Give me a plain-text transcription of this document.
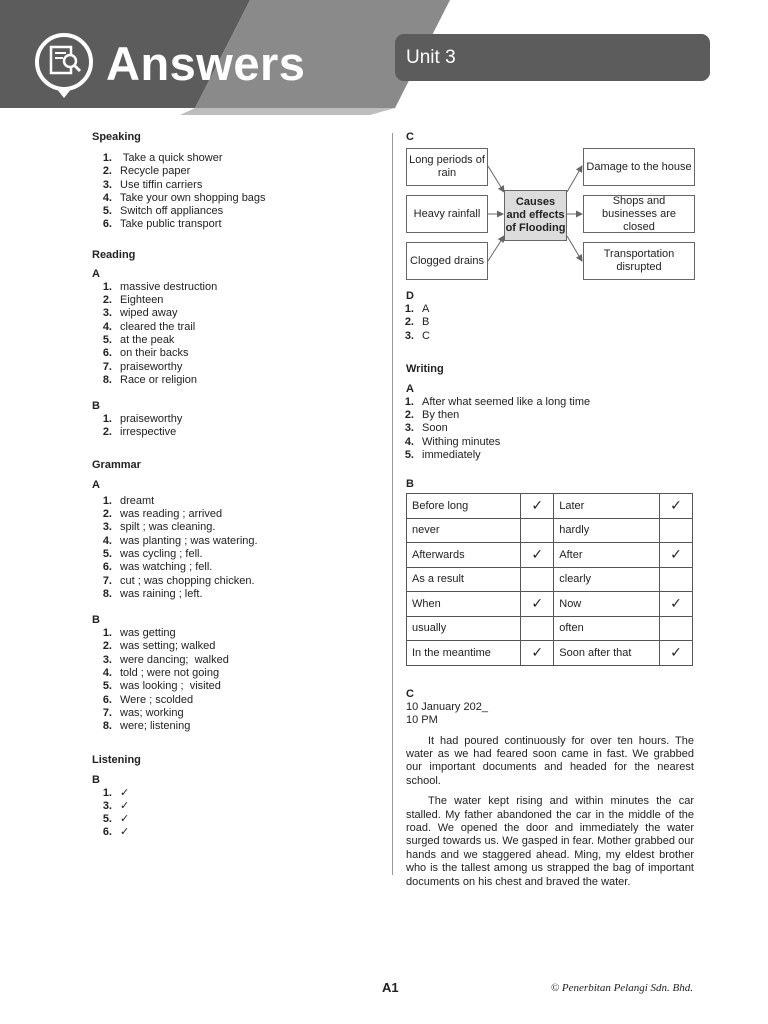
Answers	Unit 3
Speaking
1. Take a quick shower
2. Recycle paper
3. Use tiffin carriers
4. Take your own shopping bags
5. Switch off appliances
6. Take public transport
Reading
A
1. massive destruction
2. Eighteen
3. wiped away
4. cleared the trail
5. at the peak
6. on their backs
7. praiseworthy
8. Race or religion
B
1. praiseworthy
2. irrespective
Grammar
A
1. dreamt
2. was reading ; arrived
3. spilt ; was cleaning.
4. was planting ; was watering.
5. was cycling ; fell.
6. was watching ; fell.
7. cut ; was chopping chicken.
8. was raining ; left.
B
1. was getting
2. was setting; walked
3. were dancing;  walked
4. told ; were not going
5. was looking ;  visited
6. Were ; scolded
7. was; working
8. were; listening
Listening
B
1. ✓
3. ✓
5. ✓
6. ✓
C
Long periods of rain
Heavy rainfall
Clogged drains
Causes and effects of Flooding
Damage to the house
Shops and businesses are closed
Transportation disrupted
D
1. A
2. B
3. C
Writing
A
1. After what seemed like a long time
2. By then
3. Soon
4. Withing minutes
5. immediately
B
Before long	✓	Later	✓
never		hardly	
Afterwards	✓	After	✓
As a result		clearly	
When	✓	Now	✓
usually		often	
In the meantime	✓	Soon after that	✓
C
10 January 202_
10 PM

It had poured continuously for over ten hours. The water as we had feared soon came in fast. We grabbed our important documents and headed for the nearest school.

The water kept rising and within minutes the car stalled. My father abandoned the car in the middle of the road. We opened the door and immediately the water surged towards us. We gasped in fear. Mother grabbed our hands and we staggered ahead. Ming, my eldest brother who is the tallest among us strapped the bag of important documents on his chest and braved the water.

A1	© Penerbitan Pelangi Sdn. Bhd.
